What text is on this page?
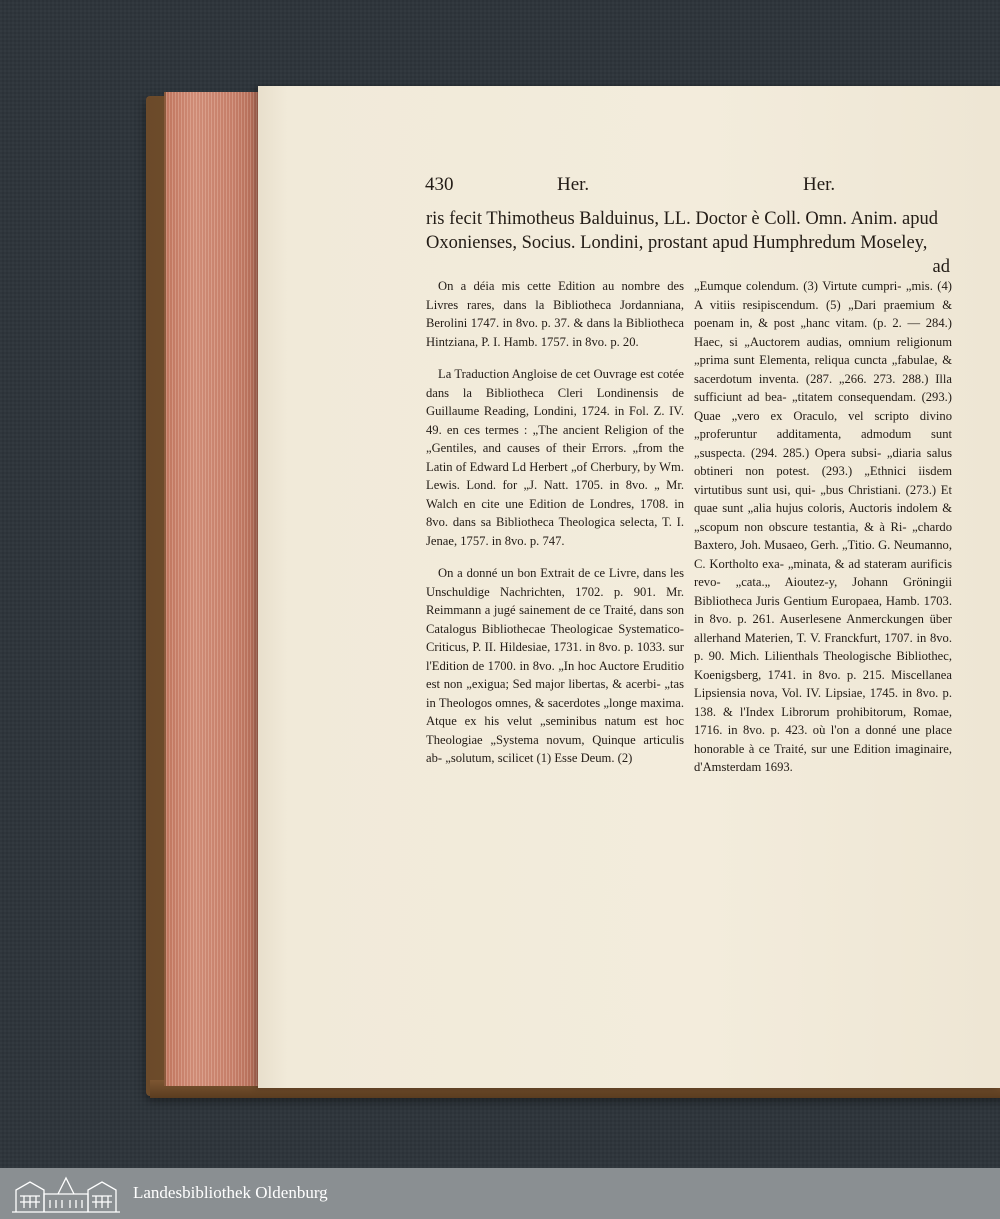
430	Her.	Her.
ris fecit Thimotheus Balduinus, LL. Doctor è Coll. Omn. Anim. apud
Oxonienses, Socius. Londini, prostant apud Humphredum Moseley,
ad

On a déia mis cette Edition au nombre des Livres rares, dans la Bibliotheca Jordanniana, Berolini 1747. in 8vo. p. 37. & dans la Bibliotheca Hintziana, P. I. Hamb. 1757. in 8vo. p. 20.

La Traduction Angloise de cet Ouvrage est cotée dans la Bibliotheca Cleri Londinensis de Guillaume Reading, Londini, 1724. in Fol. Z. IV. 49. en ces termes : „The ancient Religion of the „Gentiles, and causes of their Errors. „from the Latin of Edward Ld Herbert „of Cherbury, by Wm. Lewis. Lond. for „J. Natt. 1705. in 8vo. „ Mr. Walch en cite une Edition de Londres, 1708. in 8vo. dans sa Bibliotheca Theologica selecta, T. I. Jenae, 1757. in 8vo. p. 747.

On a donné un bon Extrait de ce Livre, dans les Unschuldige Nachrichten, 1702. p. 901. Mr. Reimmann a jugé sainement de ce Traité, dans son Catalogus Bibliothecae Theologicae Systematico-Criticus, P. II. Hildesiae, 1731. in 8vo. p. 1033. sur l'Edition de 1700. in 8vo. „In hoc Auctore Eruditio est non „exigua; Sed major libertas, & acerbi- „tas in Theologos omnes, & sacerdotes „longe maxima. Atque ex his velut „seminibus natum est hoc Theologiae „Systema novum, Quinque articulis ab- „solutum, scilicet (1) Esse Deum. (2)

„Eumque colendum. (3) Virtute cumpri- „mis. (4) A vitiis resipiscendum. (5) „Dari praemium & poenam in, & post „hanc vitam. (p. 2. — 284.) Haec, si „Auctorem audias, omnium religionum „prima sunt Elementa, reliqua cuncta „fabulae, & sacerdotum inventa. (287. „266. 273. 288.) Illa sufficiunt ad bea- „titatem consequendam. (293.) Quae „vero ex Oraculo, vel scripto divino „proferuntur additamenta, admodum sunt „suspecta. (294. 285.) Opera subsi- „diaria salus obtineri non potest. (293.) „Ethnici iisdem virtutibus sunt usi, qui- „bus Christiani. (273.) Et quae sunt „alia hujus coloris, Auctoris indolem & „scopum non obscure testantia, & à Ri- „chardo Baxtero, Joh. Musaeo, Gerh. „Titio. G. Neumanno, C. Kortholto exa- „minata, & ad stateram aurificis revo- „cata.„ Aioutez-y, Johann Gröningii Bibliotheca Juris Gentium Europaea, Hamb. 1703. in 8vo. p. 261. Auserlesene Anmerckungen über allerhand Materien, T. V. Franckfurt, 1707. in 8vo. p. 90. Mich. Lilienthals Theologische Bibliothec, Koenigsberg, 1741. in 8vo. p. 215. Miscellanea Lipsiensia nova, Vol. IV. Lipsiae, 1745. in 8vo. p. 138. & l'Index Librorum prohibitorum, Romae, 1716. in 8vo. p. 423. où l'on a donné une place honorable à ce Traité, sur une Edition imaginaire, d'Amsterdam 1693.

Landesbibliothek Oldenburg
